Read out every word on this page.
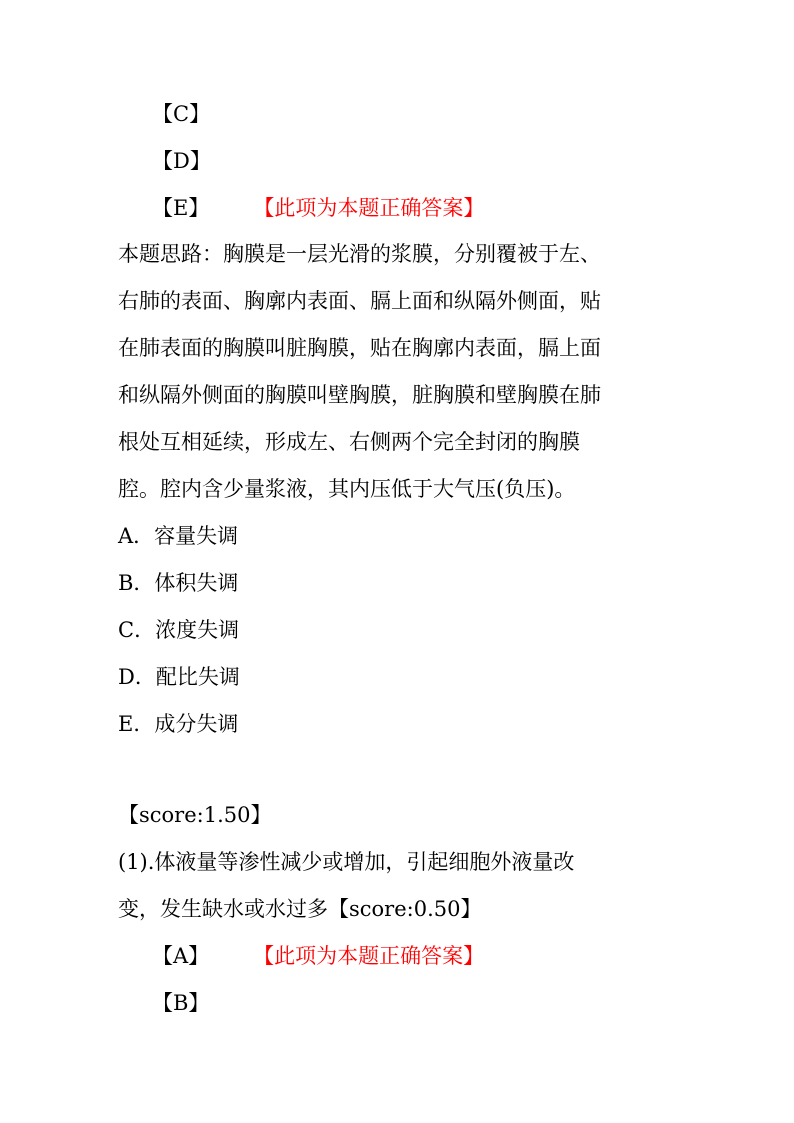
【C】
【D】
【E】 【此项为本题正确答案】
本题思路：胸膜是一层光滑的浆膜，分别覆被于左、
右肺的表面、胸廓内表面、膈上面和纵隔外侧面，贴
在肺表面的胸膜叫脏胸膜，贴在胸廓内表面，膈上面
和纵隔外侧面的胸膜叫壁胸膜，脏胸膜和壁胸膜在肺
根处互相延续，形成左、右侧两个完全封闭的胸膜
腔。腔内含少量浆液，其内压低于大气压(负压)。
A．容量失调
B．体积失调
C．浓度失调
D．配比失调
E．成分失调
【score:1.50】
(1).体液量等渗性减少或增加，引起细胞外液量改
变，发生缺水或水过多【score:0.50】
【A】 【此项为本题正确答案】
【B】
